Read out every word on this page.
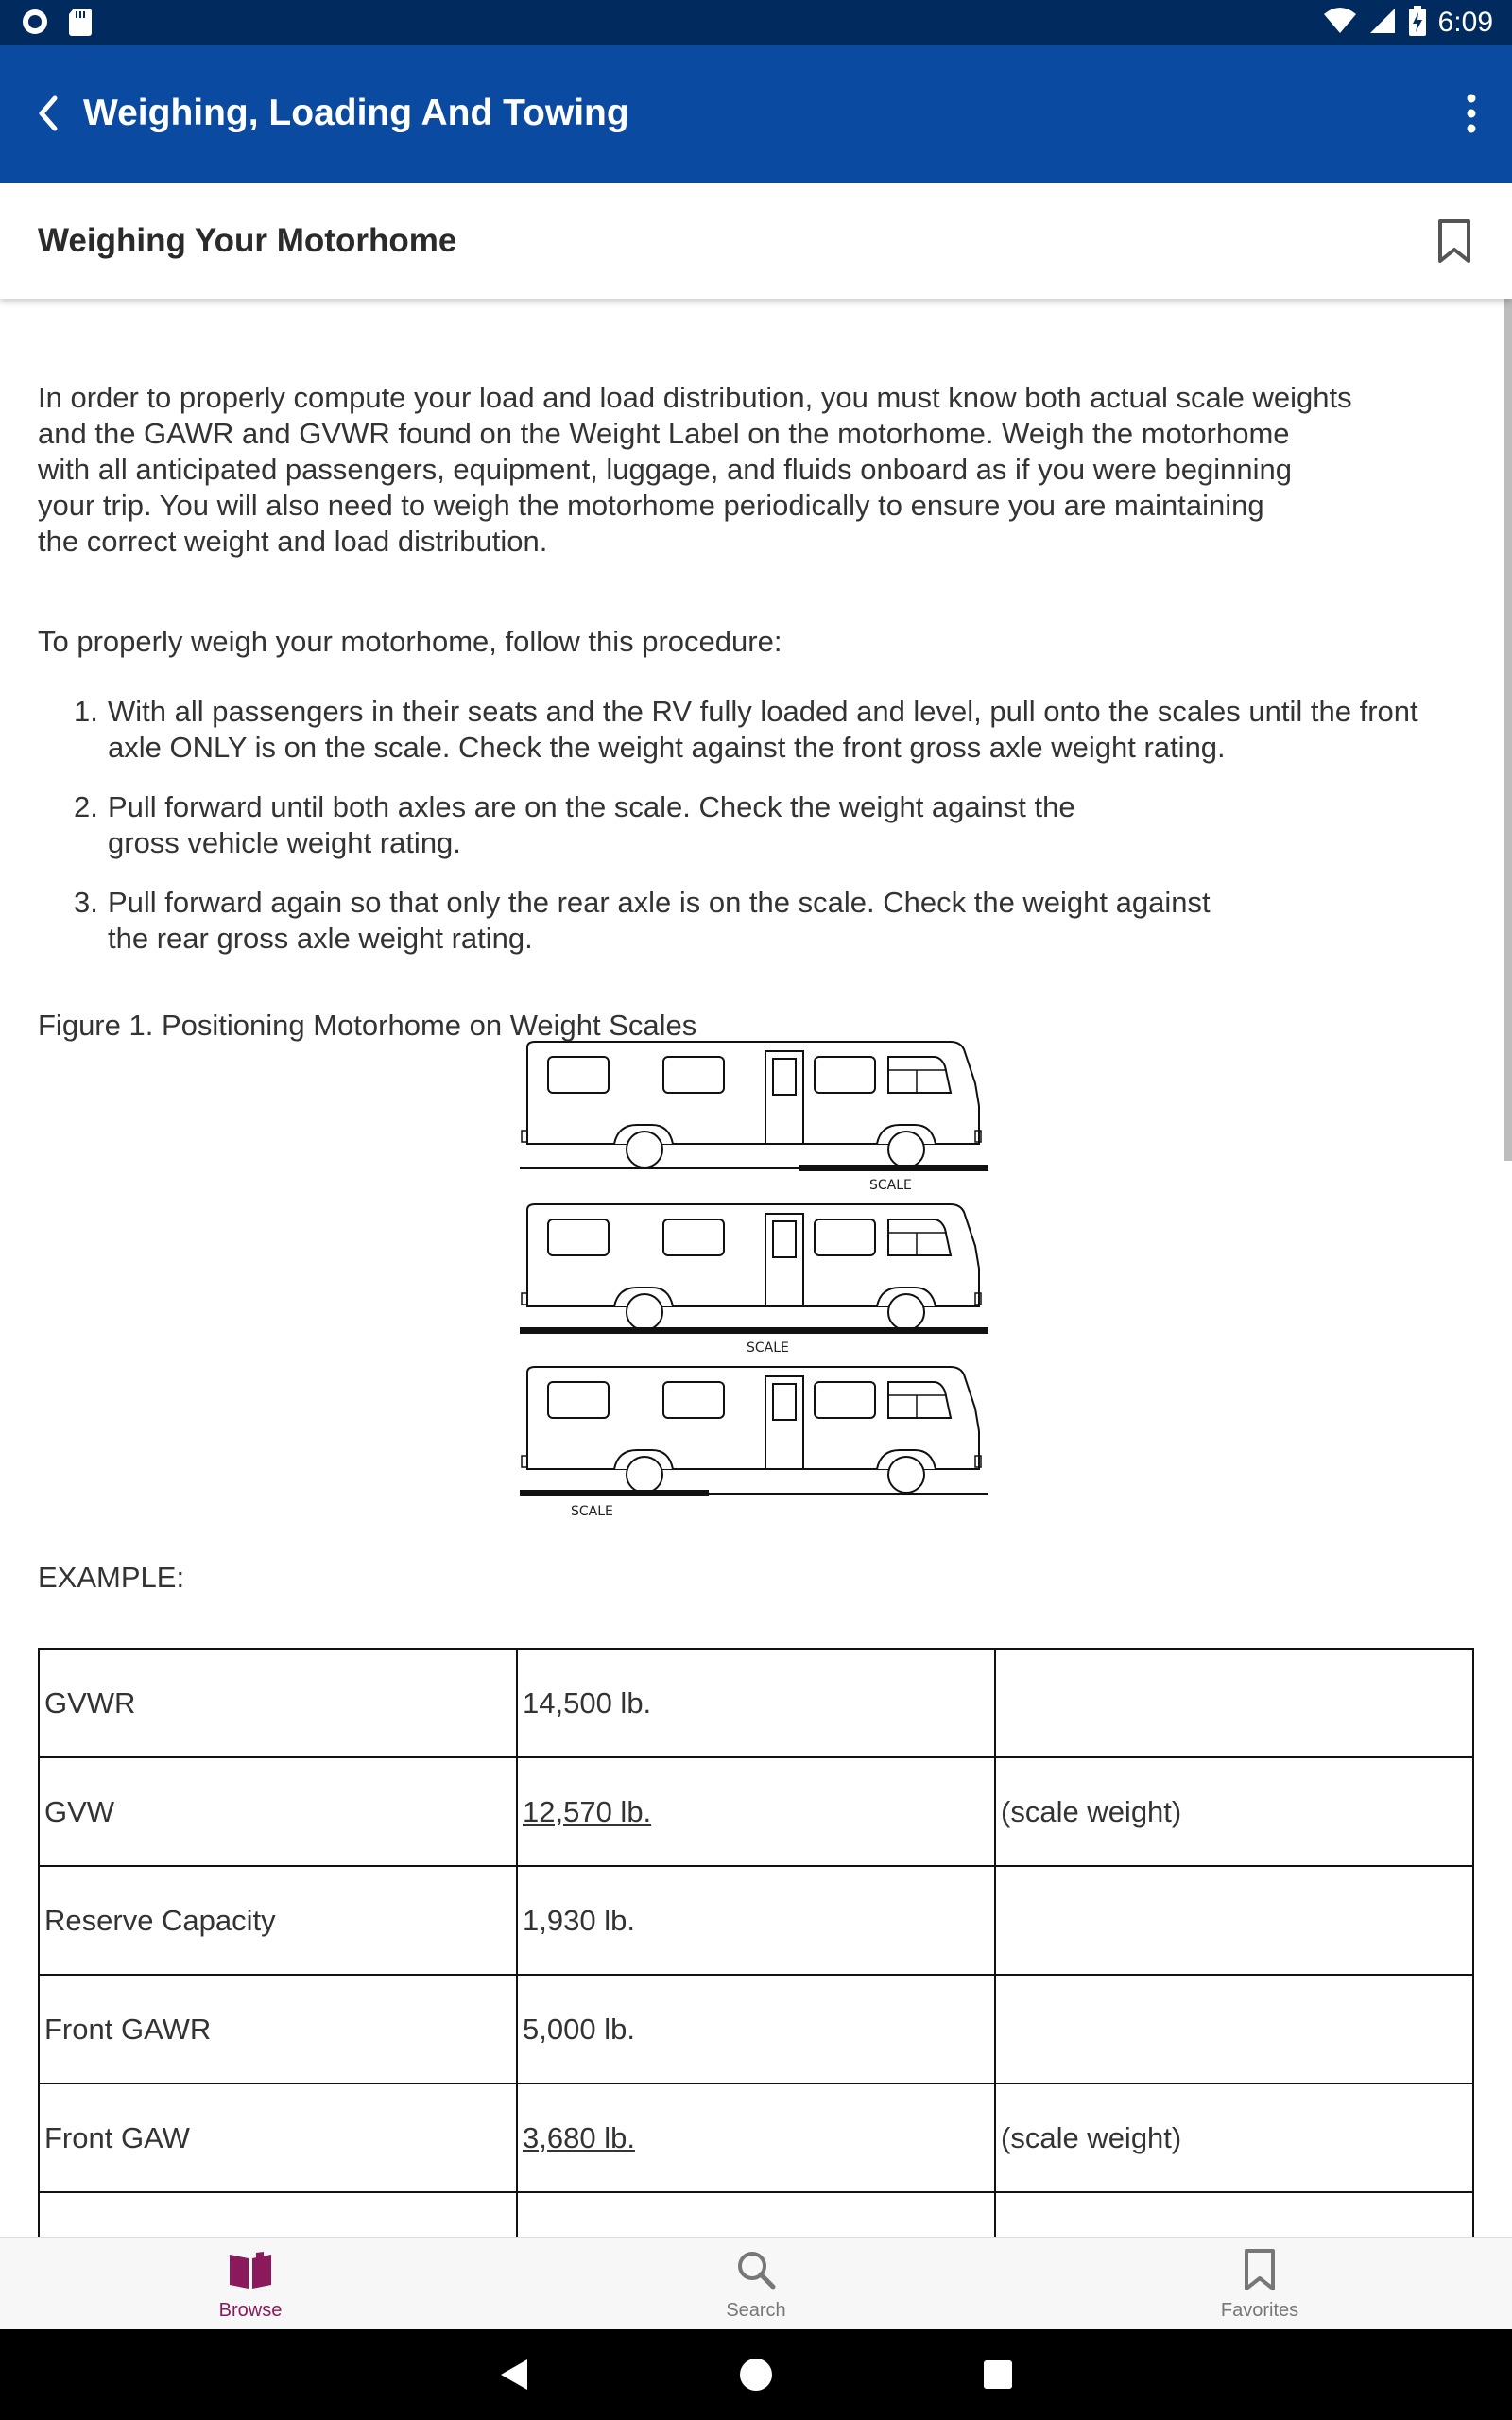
6:09
Weighing, Loading And Towing
Weighing Your Motorhome
In order to properly compute your load and load distribution, you must know both actual scale weights
and the GAWR and GVWR found on the Weight Label on the motorhome. Weigh the motorhome
with all anticipated passengers, equipment, luggage, and fluids onboard as if you were beginning
your trip. You will also need to weigh the motorhome periodically to ensure you are maintaining
the correct weight and load distribution.
To properly weigh your motorhome, follow this procedure:
1. With all passengers in their seats and the RV fully loaded and level, pull onto the scales until the front
axle ONLY is on the scale. Check the weight against the front gross axle weight rating.
2. Pull forward until both axles are on the scale. Check the weight against the
gross vehicle weight rating.
3. Pull forward again so that only the rear axle is on the scale. Check the weight against
the rear gross axle weight rating.
Figure 1. Positioning Motorhome on Weight Scales
SCALE
SCALE
SCALE
EXAMPLE:
GVWR	14,500 lb.	
GVW	12,570 lb.	(scale weight)
Reserve Capacity	1,930 lb.	
Front GAWR	5,000 lb.	
Front GAW	3,680 lb.	(scale weight)

Browse	Search	Favorites
